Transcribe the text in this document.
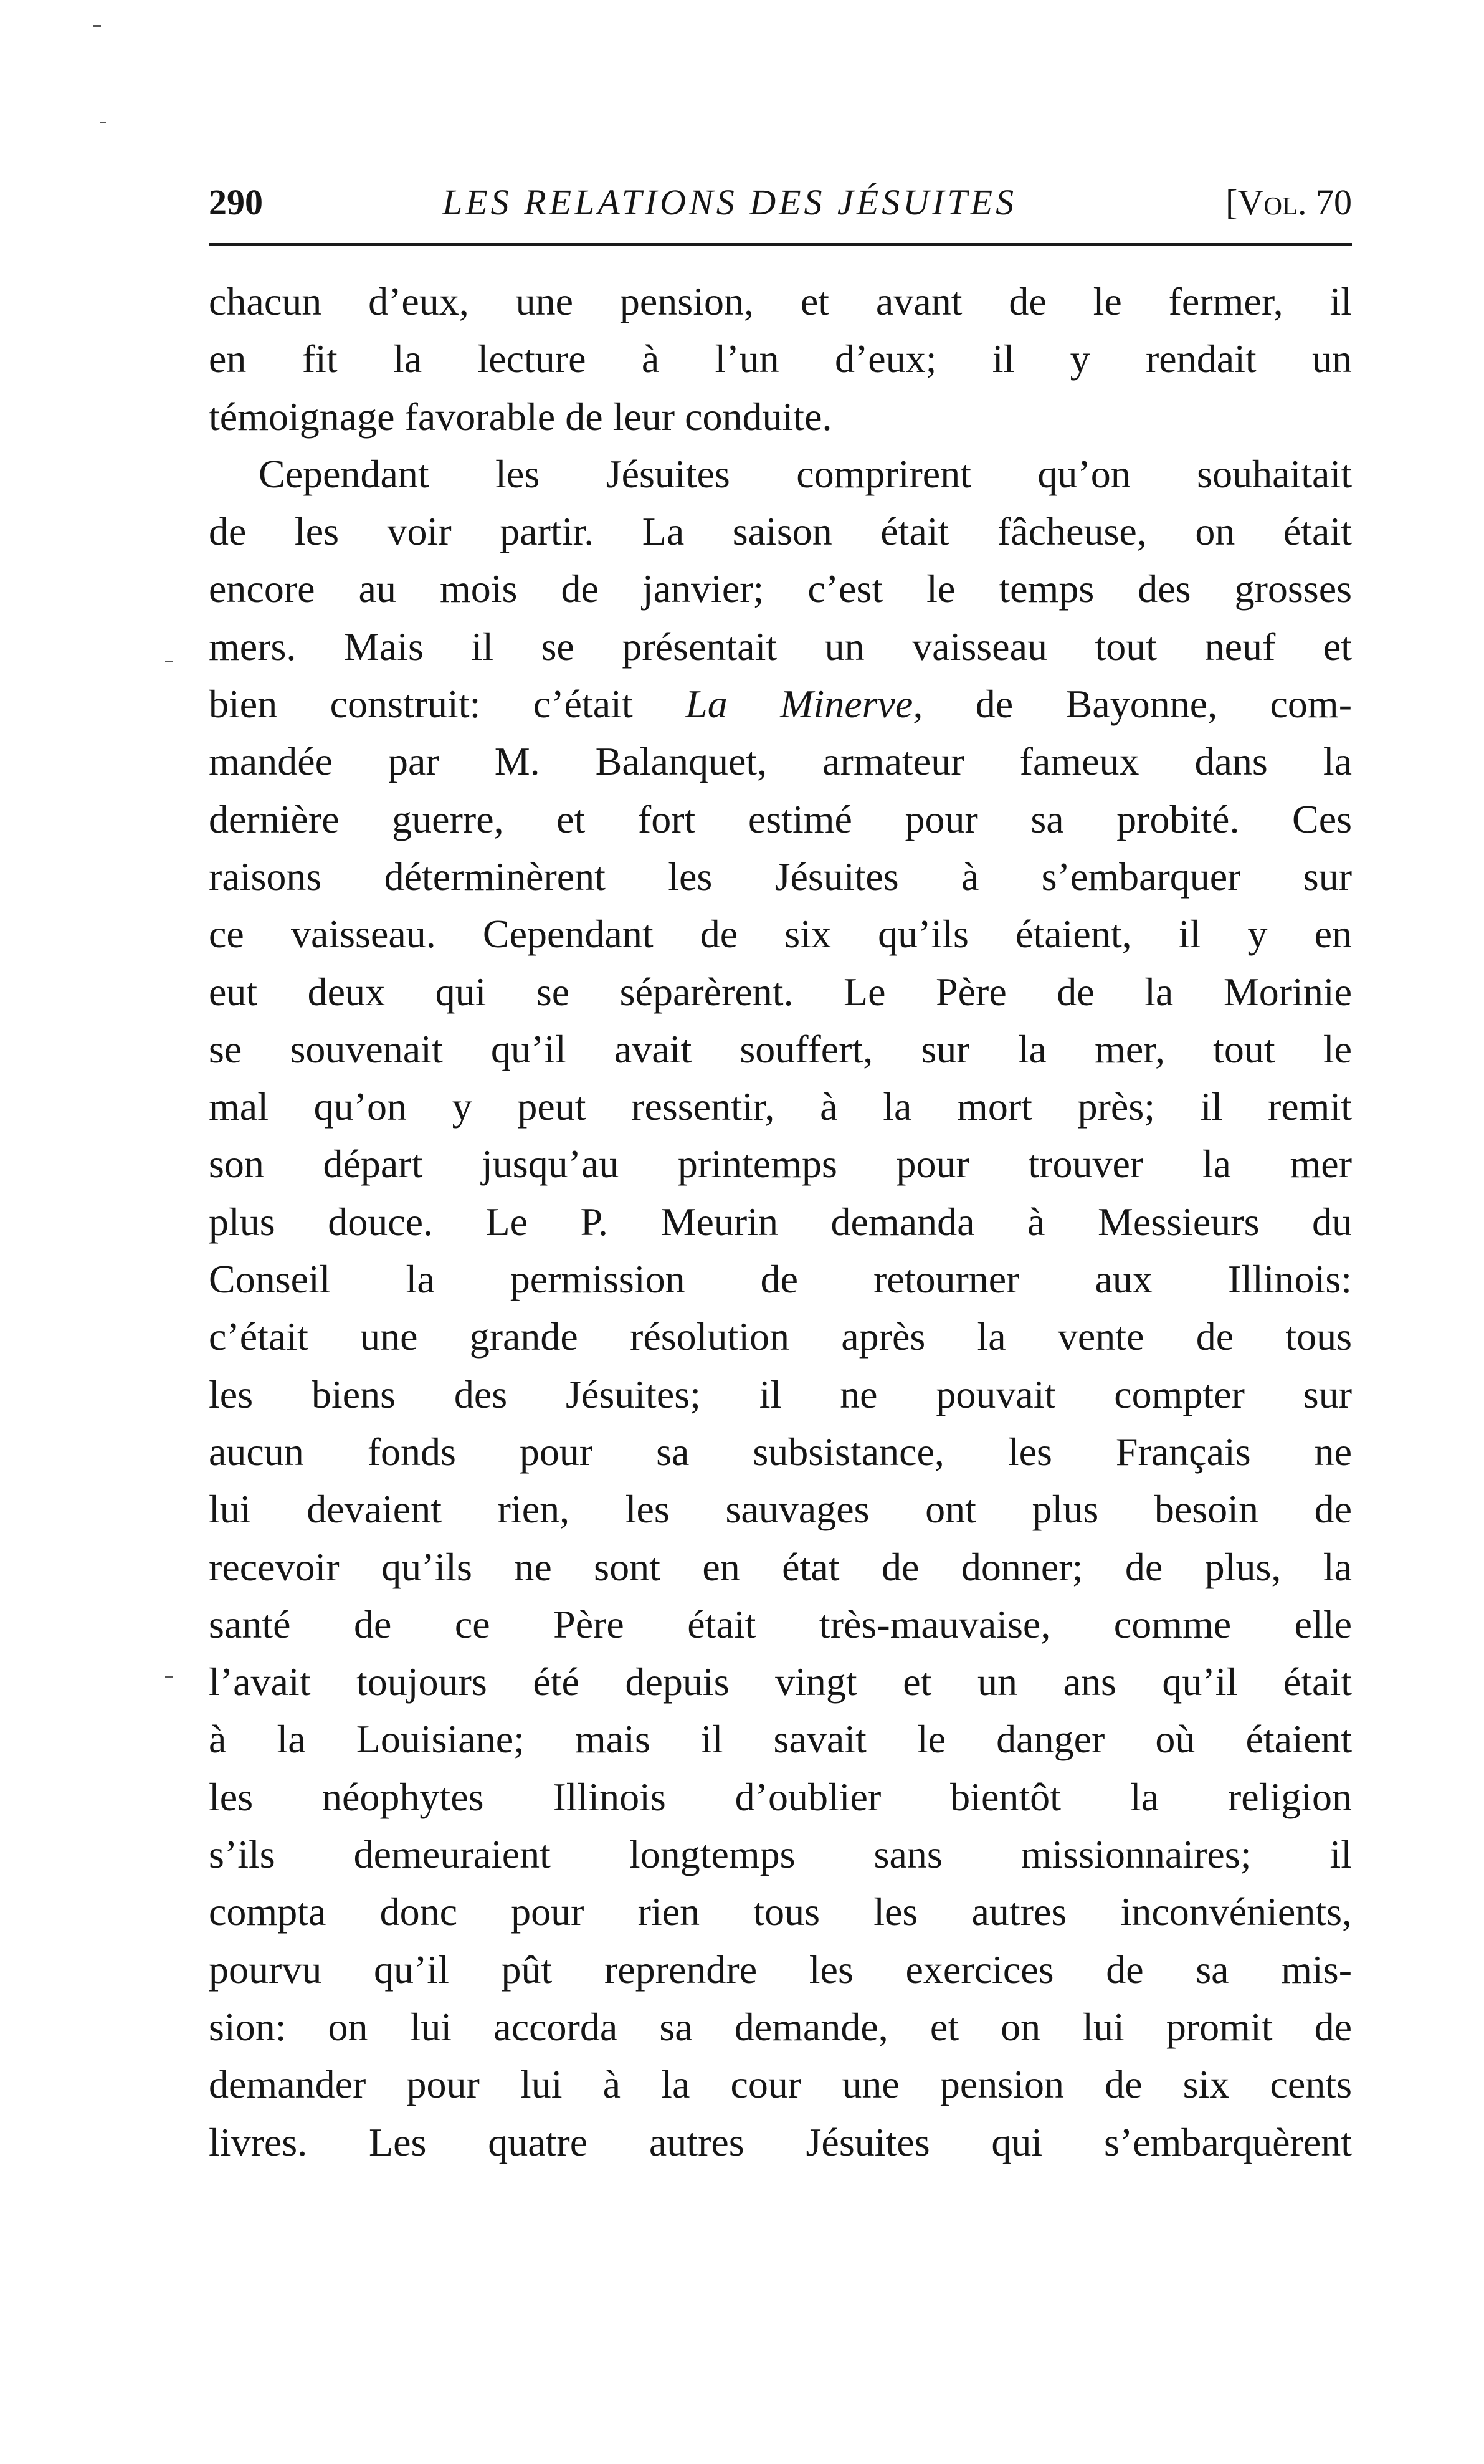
290	LES RELATIONS DES JÉSUITES	[Vol. 70
chacun d’eux, une pension, et avant de le fermer, il
en fit la lecture à l’un d’eux; il y rendait un
témoignage favorable de leur conduite.
Cependant les Jésuites comprirent qu’on souhaitait
de les voir partir. La saison était fâcheuse, on était
encore au mois de janvier; c’est le temps des grosses
mers. Mais il se présentait un vaisseau tout neuf et
bien construit: c’était La Minerve, de Bayonne, com-
mandée par M. Balanquet, armateur fameux dans la
dernière guerre, et fort estimé pour sa probité. Ces
raisons déterminèrent les Jésuites à s’embarquer sur
ce vaisseau. Cependant de six qu’ils étaient, il y en
eut deux qui se séparèrent. Le Père de la Morinie
se souvenait qu’il avait souffert, sur la mer, tout le
mal qu’on y peut ressentir, à la mort près; il remit
son départ jusqu’au printemps pour trouver la mer
plus douce. Le P. Meurin demanda à Messieurs du
Conseil la permission de retourner aux Illinois:
c’était une grande résolution après la vente de tous
les biens des Jésuites; il ne pouvait compter sur
aucun fonds pour sa subsistance, les Français ne
lui devaient rien, les sauvages ont plus besoin de
recevoir qu’ils ne sont en état de donner; de plus, la
santé de ce Père était très-mauvaise, comme elle
l’avait toujours été depuis vingt et un ans qu’il était
à la Louisiane; mais il savait le danger où étaient
les néophytes Illinois d’oublier bientôt la religion
s’ils demeuraient longtemps sans missionnaires; il
compta donc pour rien tous les autres inconvénients,
pourvu qu’il pût reprendre les exercices de sa mis-
sion: on lui accorda sa demande, et on lui promit de
demander pour lui à la cour une pension de six cents
livres. Les quatre autres Jésuites qui s’embarquèrent
